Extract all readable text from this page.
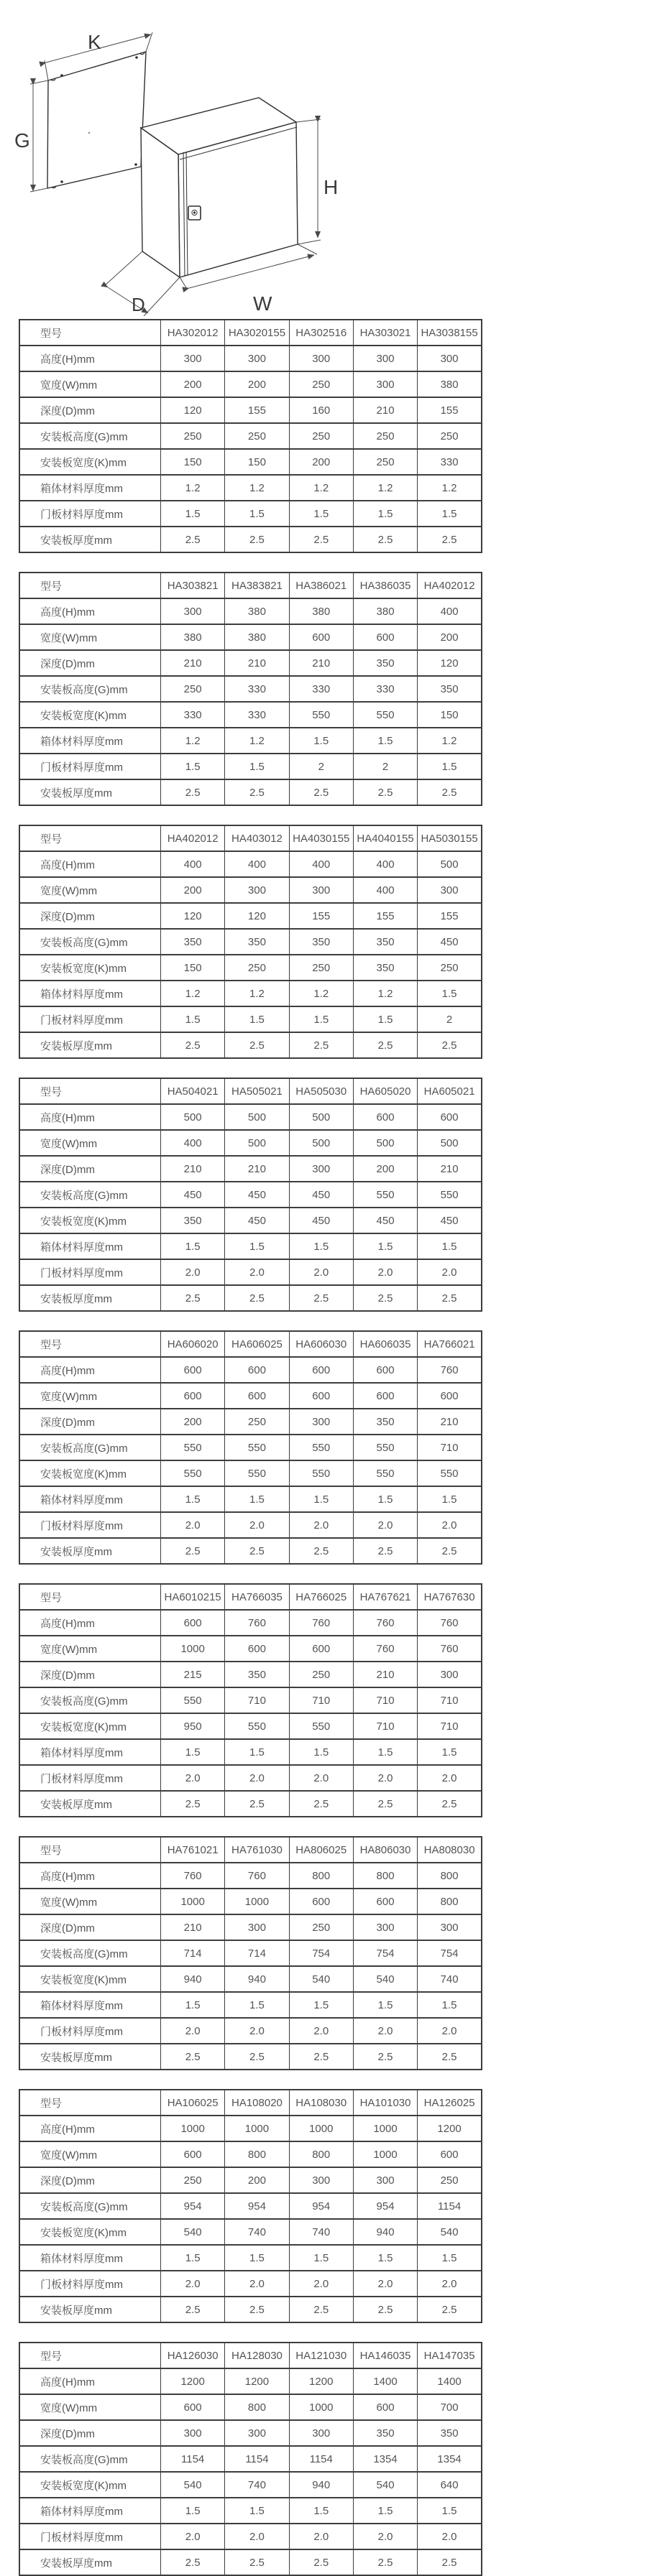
K
G
H
W
D
型号	HA302012	HA3020155	HA302516	HA303021	HA3038155
高度(H)mm	300	300	300	300	300
宽度(W)mm	200	200	250	300	380
深度(D)mm	120	155	160	210	155
安装板高度(G)mm	250	250	250	250	250
安装板宽度(K)mm	150	150	200	250	330
箱体材料厚度mm	1.2	1.2	1.2	1.2	1.2
门板材料厚度mm	1.5	1.5	1.5	1.5	1.5
安装板厚度mm	2.5	2.5	2.5	2.5	2.5
型号	HA303821	HA383821	HA386021	HA386035	HA402012
高度(H)mm	300	380	380	380	400
宽度(W)mm	380	380	600	600	200
深度(D)mm	210	210	210	350	120
安装板高度(G)mm	250	330	330	330	350
安装板宽度(K)mm	330	330	550	550	150
箱体材料厚度mm	1.2	1.2	1.5	1.5	1.2
门板材料厚度mm	1.5	1.5	2	2	1.5
安装板厚度mm	2.5	2.5	2.5	2.5	2.5
型号	HA402012	HA403012	HA4030155	HA4040155	HA5030155
高度(H)mm	400	400	400	400	500
宽度(W)mm	200	300	300	400	300
深度(D)mm	120	120	155	155	155
安装板高度(G)mm	350	350	350	350	450
安装板宽度(K)mm	150	250	250	350	250
箱体材料厚度mm	1.2	1.2	1.2	1.2	1.5
门板材料厚度mm	1.5	1.5	1.5	1.5	2
安装板厚度mm	2.5	2.5	2.5	2.5	2.5
型号	HA504021	HA505021	HA505030	HA605020	HA605021
高度(H)mm	500	500	500	600	600
宽度(W)mm	400	500	500	500	500
深度(D)mm	210	210	300	200	210
安装板高度(G)mm	450	450	450	550	550
安装板宽度(K)mm	350	450	450	450	450
箱体材料厚度mm	1.5	1.5	1.5	1.5	1.5
门板材料厚度mm	2.0	2.0	2.0	2.0	2.0
安装板厚度mm	2.5	2.5	2.5	2.5	2.5
型号	HA606020	HA606025	HA606030	HA606035	HA766021
高度(H)mm	600	600	600	600	760
宽度(W)mm	600	600	600	600	600
深度(D)mm	200	250	300	350	210
安装板高度(G)mm	550	550	550	550	710
安装板宽度(K)mm	550	550	550	550	550
箱体材料厚度mm	1.5	1.5	1.5	1.5	1.5
门板材料厚度mm	2.0	2.0	2.0	2.0	2.0
安装板厚度mm	2.5	2.5	2.5	2.5	2.5
型号	HA6010215	HA766035	HA766025	HA767621	HA767630
高度(H)mm	600	760	760	760	760
宽度(W)mm	1000	600	600	760	760
深度(D)mm	215	350	250	210	300
安装板高度(G)mm	550	710	710	710	710
安装板宽度(K)mm	950	550	550	710	710
箱体材料厚度mm	1.5	1.5	1.5	1.5	1.5
门板材料厚度mm	2.0	2.0	2.0	2.0	2.0
安装板厚度mm	2.5	2.5	2.5	2.5	2.5
型号	HA761021	HA761030	HA806025	HA806030	HA808030
高度(H)mm	760	760	800	800	800
宽度(W)mm	1000	1000	600	600	800
深度(D)mm	210	300	250	300	300
安装板高度(G)mm	714	714	754	754	754
安装板宽度(K)mm	940	940	540	540	740
箱体材料厚度mm	1.5	1.5	1.5	1.5	1.5
门板材料厚度mm	2.0	2.0	2.0	2.0	2.0
安装板厚度mm	2.5	2.5	2.5	2.5	2.5
型号	HA106025	HA108020	HA108030	HA101030	HA126025
高度(H)mm	1000	1000	1000	1000	1200
宽度(W)mm	600	800	800	1000	600
深度(D)mm	250	200	300	300	250
安装板高度(G)mm	954	954	954	954	1154
安装板宽度(K)mm	540	740	740	940	540
箱体材料厚度mm	1.5	1.5	1.5	1.5	1.5
门板材料厚度mm	2.0	2.0	2.0	2.0	2.0
安装板厚度mm	2.5	2.5	2.5	2.5	2.5
型号	HA126030	HA128030	HA121030	HA146035	HA147035
高度(H)mm	1200	1200	1200	1400	1400
宽度(W)mm	600	800	1000	600	700
深度(D)mm	300	300	300	350	350
安装板高度(G)mm	1154	1154	1154	1354	1354
安装板宽度(K)mm	540	740	940	540	640
箱体材料厚度mm	1.5	1.5	1.5	1.5	1.5
门板材料厚度mm	2.0	2.0	2.0	2.0	2.0
安装板厚度mm	2.5	2.5	2.5	2.5	2.5
